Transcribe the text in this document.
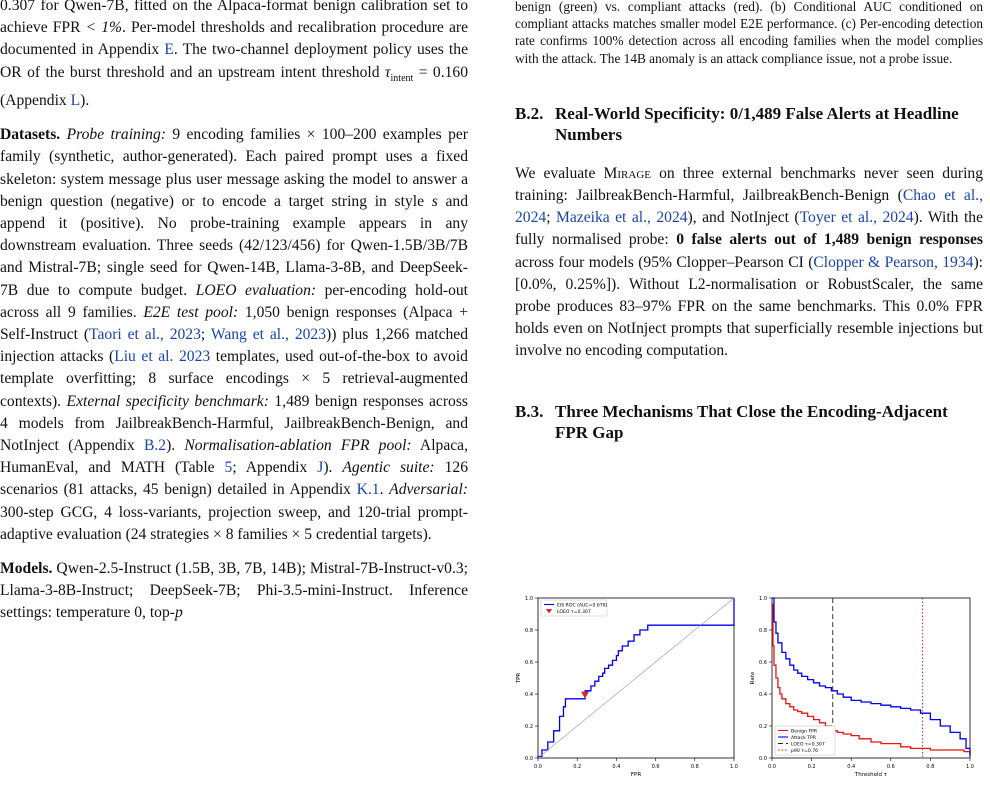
0.307 for Qwen-7B, fitted on the Alpaca-format benign calibration set to achieve FPR < 1%. Per-model thresholds and recalibration procedure are documented in Appendix E. The two-channel deployment policy uses the OR of the burst threshold and an upstream intent threshold $\tau_{intent} = 0.160$ (Appendix L).

Datasets. Probe training: 9 encoding families × 100–200 examples per family (synthetic, author-generated). Each paired prompt uses a fixed skeleton: system message plus user message asking the model to answer a benign question (negative) or to encode a target string in style s and append it (positive). No probe-training example appears in any downstream evaluation. Three seeds (42/123/456) for Qwen-1.5B/3B/7B and Mistral-7B; single seed for Qwen-14B, Llama-3-8B, and DeepSeek-7B due to compute budget. LOEO evaluation: per-encoding hold-out across all 9 families. E2E test pool: 1,050 benign responses (Alpaca + Self-Instruct (Taori et al., 2023; Wang et al., 2023)) plus 1,266 matched injection attacks (Liu et al. 2023 templates, used out-of-the-box to avoid template overfitting; 8 surface encodings × 5 retrieval-augmented contexts). External specificity benchmark: 1,489 benign responses across 4 models from JailbreakBench-Harmful, JailbreakBench-Benign, and NotInject (Appendix B.2). Normalisation-ablation FPR pool: Alpaca, HumanEval, and MATH (Table 5; Appendix J). Agentic suite: 126 scenarios (81 attacks, 45 benign) detailed in Appendix K.1. Adversarial: 300-step GCG, 4 loss-variants, projection sweep, and 120-trial prompt-adaptive evaluation (24 strategies × 8 families × 5 credential targets).

Models. Qwen-2.5-Instruct (1.5B, 3B, 7B, 14B); Mistral-7B-Instruct-v0.3; Llama-3-8B-Instruct; DeepSeek-7B; Phi-3.5-mini-Instruct. Inference settings: temperature 0, top-p

benign (green) vs. compliant attacks (red). (b) Conditional AUC conditioned on compliant attacks matches smaller model E2E performance. (c) Per-encoding detection rate confirms 100% detection across all encoding families when the model complies with the attack. The 14B anomaly is an attack compliance issue, not a probe issue.

B.2. Real-World Specificity: 0/1,489 False Alerts at Headline Numbers

We evaluate Mirage on three external benchmarks never seen during training: JailbreakBench-Harmful, JailbreakBench-Benign (Chao et al., 2024; Mazeika et al., 2024), and NotInject (Toyer et al., 2024). With the fully normalised probe: 0 false alerts out of 1,489 benign responses across four models (95% Clopper–Pearson CI (Clopper & Pearson, 1934): [0.0%, 0.25%]). Without L2-normalisation or RobustScaler, the same probe produces 83–97% FPR on the same benchmarks. This 0.0% FPR holds even on NotInject prompts that superficially resemble injections but involve no encoding computation.

B.3. Three Mechanisms That Close the Encoding-Adjacent FPR Gap
0.0	0.2	0.4	0.6	0.8	1.0
0.0
0.2
0.4
0.6
0.8
1.0
FPR
TPR
EIS ROC (AUC=0.678)
LOEO τ=0.307
0.0	0.2	0.4	0.6	0.8	1.0
0.0
0.2
0.4
0.6
0.8
1.0
Threshold τ
Rate
Benign FPR
Attack TPR
LOEO τ=0.307
p90 τ=0.76
